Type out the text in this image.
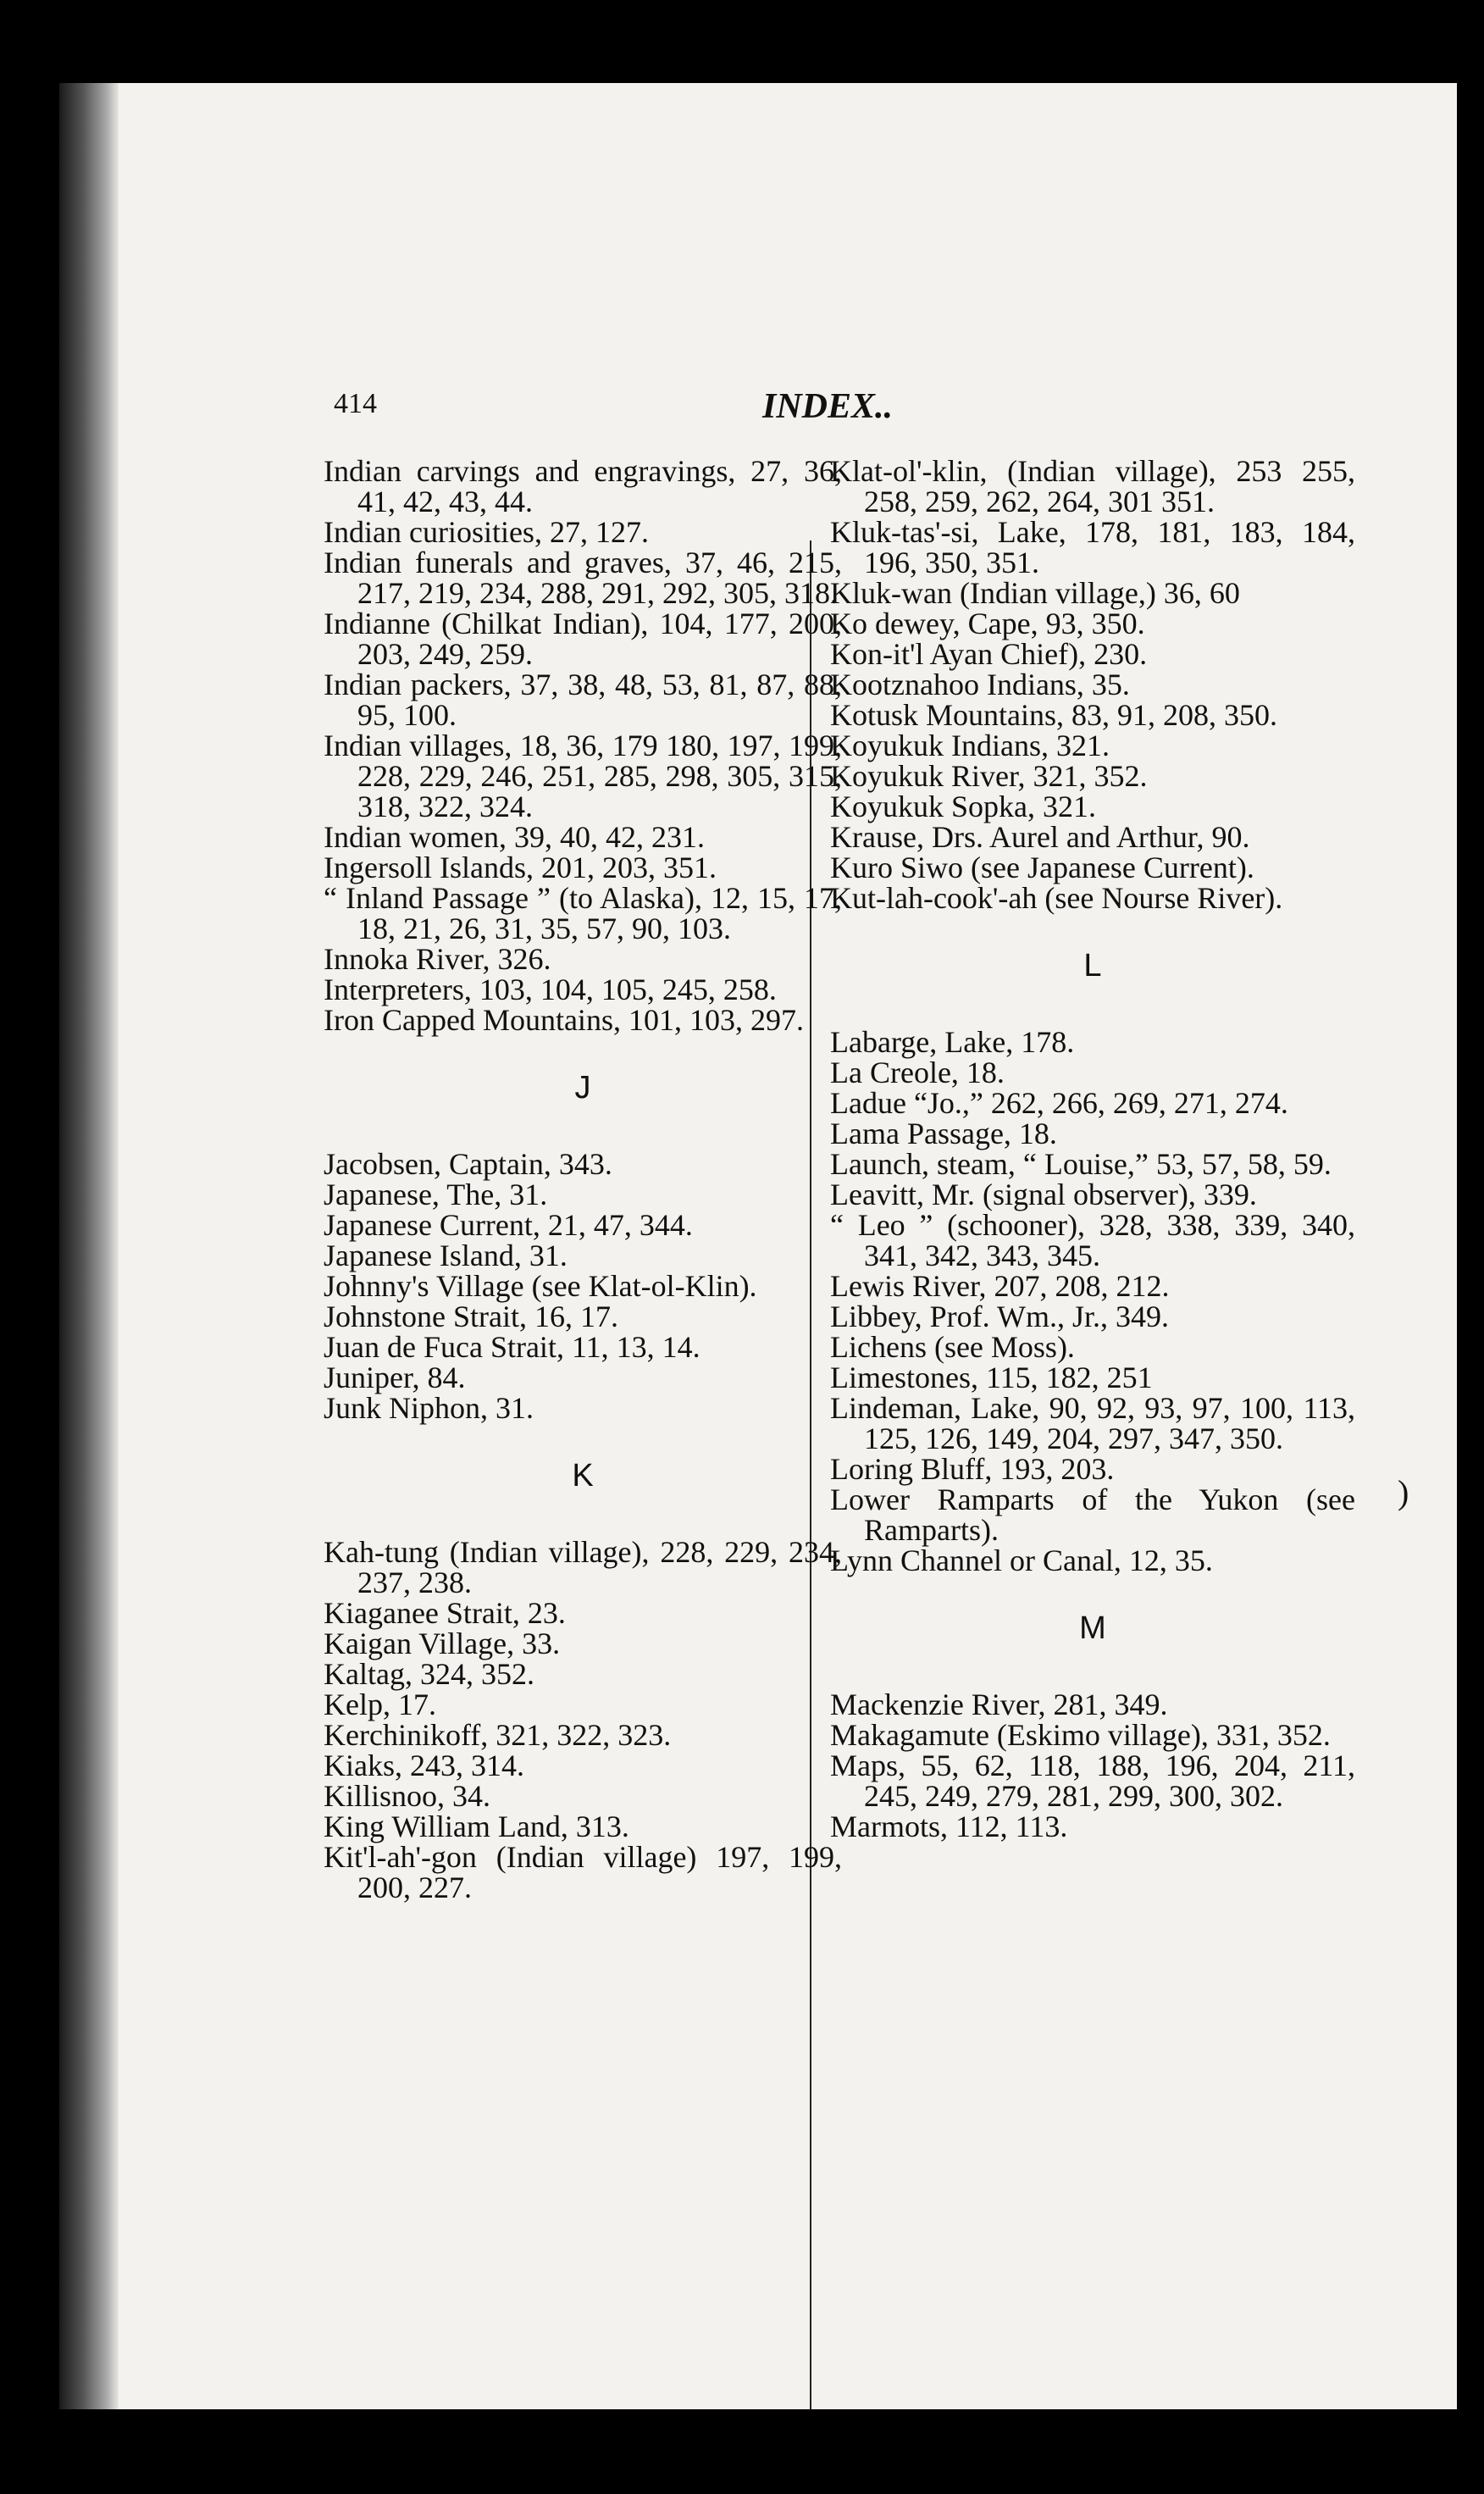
414	INDEX..

Indian carvings and engravings, 27, 36, 41, 42, 43, 44.

Indian curiosities, 27, 127.

Indian funerals and graves, 37, 46, 215, 217, 219, 234, 288, 291, 292, 305, 318.

Indianne (Chilkat Indian), 104, 177, 200, 203, 249, 259.

Indian packers, 37, 38, 48, 53, 81, 87, 88, 95, 100.

Indian villages, 18, 36, 179 180, 197, 199, 228, 229, 246, 251, 285, 298, 305, 315, 318, 322, 324.

Indian women, 39, 40, 42, 231.

Ingersoll Islands, 201, 203, 351.

“ Inland Passage ” (to Alaska), 12, 15, 17, 18, 21, 26, 31, 35, 57, 90, 103.

Innoka River, 326.

Interpreters, 103, 104, 105, 245, 258.

Iron Capped Mountains, 101, 103, 297.

J

Jacobsen, Captain, 343.

Japanese, The, 31.

Japanese Current, 21, 47, 344.

Japanese Island, 31.

Johnny's Village (see Klat-ol-Klin).

Johnstone Strait, 16, 17.

Juan de Fuca Strait, 11, 13, 14.

Juniper, 84.

Junk Niphon, 31.

K

Kah-tung (Indian village), 228, 229, 234, 237, 238.

Kiaganee Strait, 23.

Kaigan Village, 33.

Kaltag, 324, 352.

Kelp, 17.

Kerchinikoff, 321, 322, 323.

Kiaks, 243, 314.

Killisnoo, 34.

King William Land, 313.

Kit'l-ah'-gon (Indian village) 197, 199, 200, 227.

Klat-ol'-klin, (Indian village), 253 255, 258, 259, 262, 264, 301 351.

Kluk-tas'-si, Lake, 178, 181, 183, 184, 196, 350, 351.

Kluk-wan (Indian village,) 36, 60

Ko dewey, Cape, 93, 350.

Kon-it'l Ayan Chief), 230.

Kootznahoo Indians, 35.

Kotusk Mountains, 83, 91, 208, 350.

Koyukuk Indians, 321.

Koyukuk River, 321, 352.

Koyukuk Sopka, 321.

Krause, Drs. Aurel and Arthur, 90.

Kuro Siwo (see Japanese Current).

Kut-lah-cook'-ah (see Nourse River).

L

Labarge, Lake, 178.

La Creole, 18.

Ladue “Jo.,” 262, 266, 269, 271, 274.

Lama Passage, 18.

Launch, steam, “ Louise,” 53, 57, 58, 59.

Leavitt, Mr. (signal observer), 339.

“ Leo ” (schooner), 328, 338, 339, 340, 341, 342, 343, 345.

Lewis River, 207, 208, 212.

Libbey, Prof. Wm., Jr., 349.

Lichens (see Moss).

Limestones, 115, 182, 251

Lindeman, Lake, 90, 92, 93, 97, 100, 113, 125, 126, 149, 204, 297, 347, 350.

Loring Bluff, 193, 203.

Lower Ramparts of the Yukon (see Ramparts).

Lynn Channel or Canal, 12, 35.

M

Mackenzie River, 281, 349.

Makagamute (Eskimo village), 331, 352.

Maps, 55, 62, 118, 188, 196, 204, 211, 245, 249, 279, 281, 299, 300, 302.

Marmots, 112, 113.

)
